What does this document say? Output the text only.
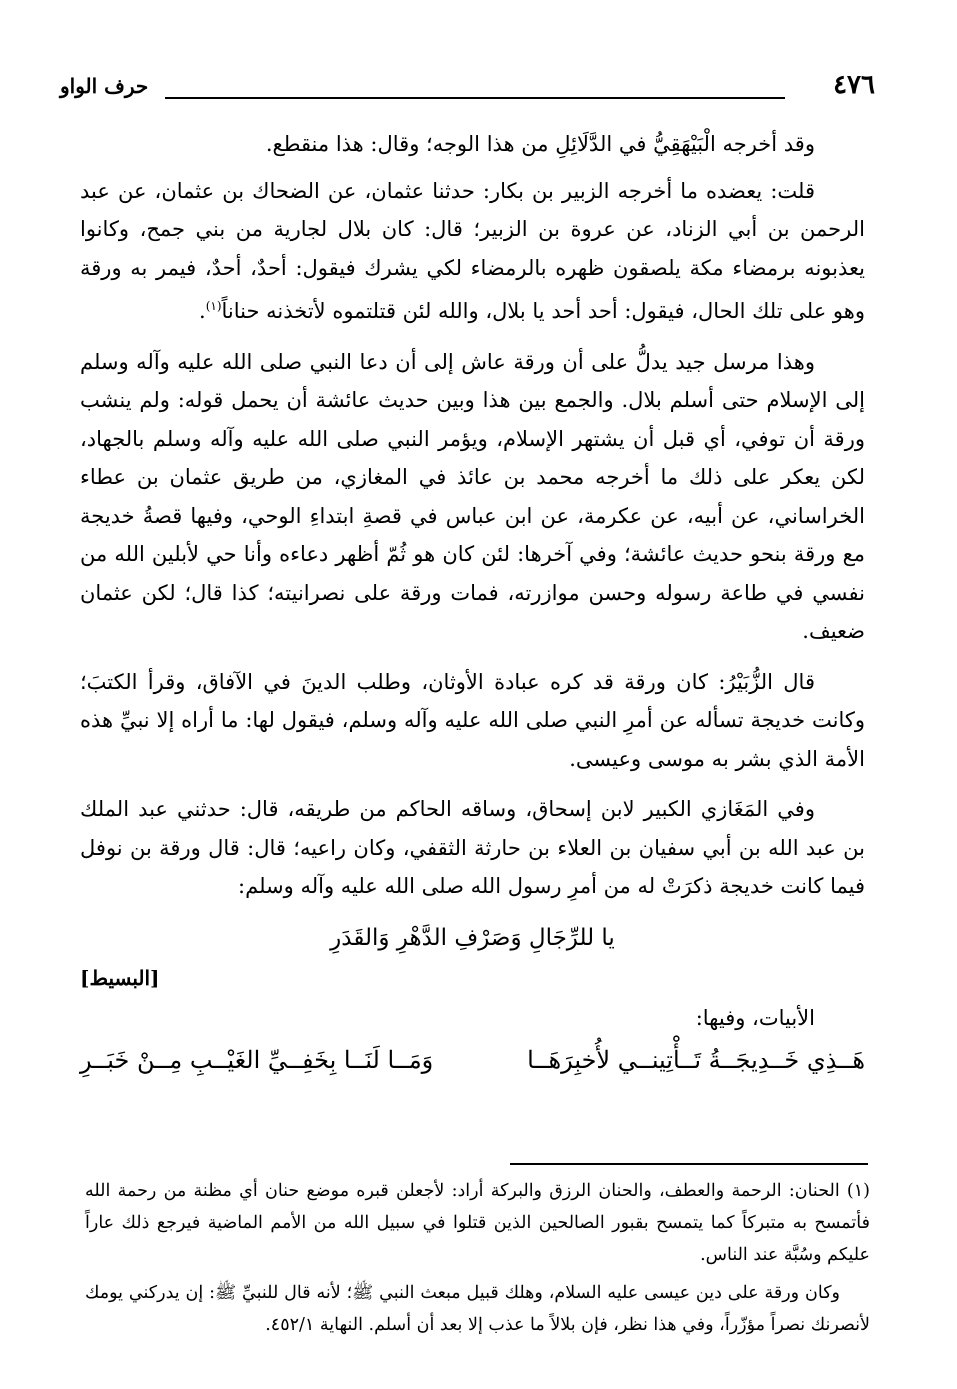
حرف الواو	٤٧٦

وقد أخرجه الْبَيْهَقِيُّ في الدَّلَائِلِ من هذا الوجه؛ وقال: هذا منقطع.

قلت: يعضده ما أخرجه الزبير بن بكار: حدثنا عثمان، عن الضحاك بن عثمان، عن عبد الرحمن بن أبي الزناد، عن عروة بن الزبير؛ قال: كان بلال لجارية من بني جمح، وكانوا يعذبونه برمضاء مكة يلصقون ظهره بالرمضاء لكي يشرك فيقول: أحدٌ، أحدٌ، فيمر به ورقة وهو على تلك الحال، فيقول: أحد أحد يا بلال، والله لئن قتلتموه لأتخذنه حناناً$^{(١)}$.

وهذا مرسل جيد يدلُّ على أن ورقة عاش إلى أن دعا النبي صلى الله عليه وآله وسلم إلى الإسلام حتى أسلم بلال. والجمع بين هذا وبين حديث عائشة أن يحمل قوله: ولم ينشب ورقة أن توفي، أي قبل أن يشتهر الإسلام، ويؤمر النبي صلى الله عليه وآله وسلم بالجهاد، لكن يعكر على ذلك ما أخرجه محمد بن عائذ في المغازي، من طريق عثمان بن عطاء الخراساني، عن أبيه، عن عكرمة، عن ابن عباس في قصةِ ابتداءِ الوحي، وفيها قصةُ خديجة مع ورقة بنحو حديث عائشة؛ وفي آخرها: لئن كان هو ثُمّ أظهر دعاءه وأنا حي لأبلين الله من نفسي في طاعة رسوله وحسن موازرته، فمات ورقة على نصرانيته؛ كذا قال؛ لكن عثمان ضعيف.

قال الزُّبَيْرُ: كان ورقة قد كره عبادة الأوثان، وطلب الدينَ في الآفاق، وقرأ الكتبَ؛ وكانت خديجة تسأله عن أمرِ النبي صلى الله عليه وآله وسلم، فيقول لها: ما أراه إلا نبيِّ هذه الأمة الذي بشر به موسى وعيسى.

وفي المَغَازي الكبير لابن إسحاق، وساقه الحاكم من طريقه، قال: حدثني عبد الملك بن عبد الله بن أبي سفيان بن العلاء بن حارثة الثقفي، وكان راعيه؛ قال: قال ورقة بن نوفل فيما كانت خديجة ذكرَتْ له من أمرِ رسول الله صلى الله عليه وآله وسلم:

يا للرِّجَالِ وَصَرْفِ الدَّهْرِ وَالقَدَرِ
[البسيط]
الأبيات، وفيها:
هَــذِي خَــدِيجَــةُ تَــأْتِينــي لأُخبِرَهَــا
وَمَــا لَنَــا بِخَفِــيِّ الغَيْــبِ مِــنْ خَبَــرِ

(١) الحنان: الرحمة والعطف، والحنان الرزق والبركة أراد: لأجعلن قبره موضع حنان أي مظنة من رحمة الله فأتمسح به متبركاً كما يتمسح بقبور الصالحين الذين قتلوا في سبيل الله من الأمم الماضية فيرجع ذلك عاراً عليكم وسُبَّة عند الناس.

وكان ورقة على دين عيسى عليه السلام، وهلك قبيل مبعث النبي ﷺ؛ لأنه قال للنبيِّ ﷺ: إن يدركني يومك لأنصرنك نصراً مؤزّراً، وفي هذا نظر، فإن بلالاً ما عذب إلا بعد أن أسلم. النهاية ٤٥٢/١.
